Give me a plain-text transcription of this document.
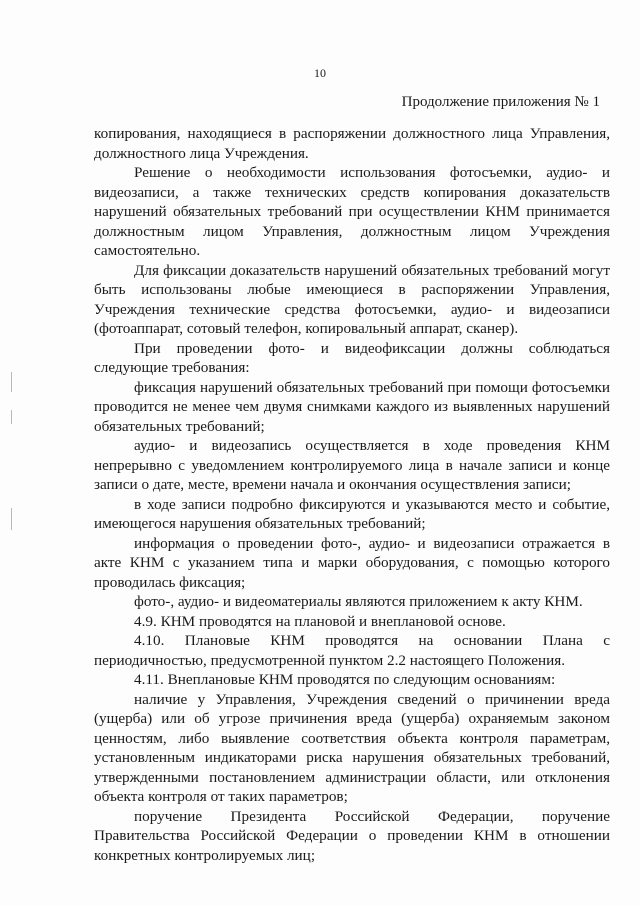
10
Продолжение приложения № 1

копирования, находящиеся в распоряжении должностного лица Управления, должностного лица Учреждения.

Решение о необходимости использования фотосъемки, аудио- и видеозаписи, а также технических средств копирования доказательств нарушений обязательных требований при осуществлении КНМ принимается должностным лицом Управления, должностным лицом Учреждения самостоятельно.

Для фиксации доказательств нарушений обязательных требований могут быть использованы любые имеющиеся в распоряжении Управления, Учреждения технические средства фотосъемки, аудио- и видеозаписи (фотоаппарат, сотовый телефон, копировальный аппарат, сканер).

При проведении фото- и видеофиксации должны соблюдаться следующие требования:

фиксация нарушений обязательных требований при помощи фотосъемки проводится не менее чем двумя снимками каждого из выявленных нарушений обязательных требований;

аудио- и видеозапись осуществляется в ходе проведения КНМ непрерывно с уведомлением контролируемого лица в начале записи и конце записи о дате, месте, времени начала и окончания осуществления записи;

в ходе записи подробно фиксируются и указываются место и событие, имеющегося нарушения обязательных требований;

информация о проведении фото-, аудио- и видеозаписи отражается в акте КНМ с указанием типа и марки оборудования, с помощью которого проводилась фиксация;

фото-, аудио- и видеоматериалы являются приложением к акту КНМ.

4.9. КНМ проводятся на плановой и внеплановой основе.

4.10. Плановые КНМ проводятся на основании Плана с периодичностью, предусмотренной пунктом 2.2 настоящего Положения.

4.11. Внеплановые КНМ проводятся по следующим основаниям:

наличие у Управления, Учреждения сведений о причинении вреда (ущерба) или об угрозе причинения вреда (ущерба) охраняемым законом ценностям, либо выявление соответствия объекта контроля параметрам, установленным индикаторами риска нарушения обязательных требований, утвержденными постановлением администрации области, или отклонения объекта контроля от таких параметров;

поручение Президента Российской Федерации, поручение Правительства Российской Федерации о проведении КНМ в отношении конкретных контролируемых лиц;
